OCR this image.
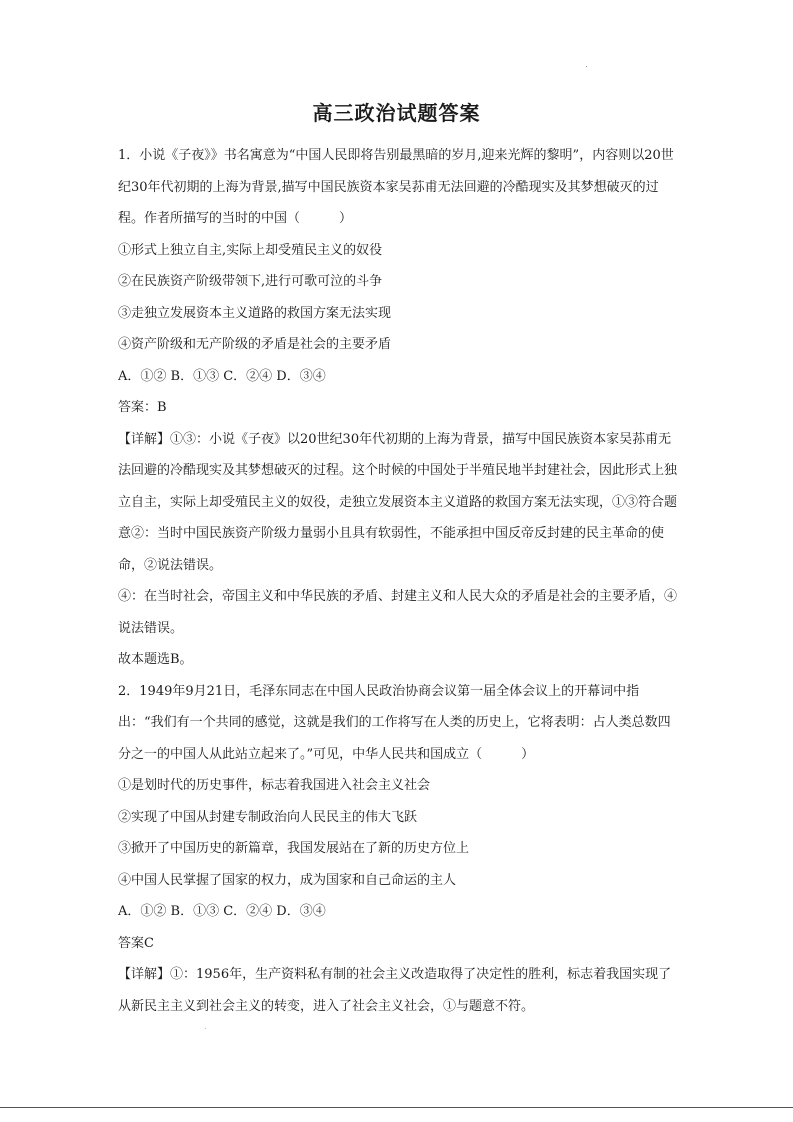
高三政治试题答案

1．小说《子夜》》书名寓意为“中国人民即将告别最黑暗的岁月,迎来光辉的黎明”，内容则以20世纪30年代初期的上海为背景,描写中国民族资本家吴荪甫无法回避的冷酷现实及其梦想破灭的过程。作者所描写的当时的中国（　　　）

①形式上独立自主,实际上却受殖民主义的奴役

②在民族资产阶级带领下,进行可歌可泣的斗争

③走独立发展资本主义道路的救国方案无法实现

④资产阶级和无产阶级的矛盾是社会的主要矛盾

A．①② B．①③ C．②④ D．③④

答案：B

【详解】①③：小说《子夜》以20世纪30年代初期的上海为背景，描写中国民族资本家吴荪甫无法回避的冷酷现实及其梦想破灭的过程。这个时候的中国处于半殖民地半封建社会，因此形式上独立自主，实际上却受殖民主义的奴役，走独立发展资本主义道路的救国方案无法实现，①③符合题意②：当时中国民族资产阶级力量弱小且具有软弱性，不能承担中国反帝反封建的民主革命的使命，②说法错误。

④：在当时社会，帝国主义和中华民族的矛盾、封建主义和人民大众的矛盾是社会的主要矛盾，④说法错误。

故本题选B。

2．1949年9月21日，毛泽东同志在中国人民政治协商会议第一届全体会议上的开幕词中指出：“我们有一个共同的感觉，这就是我们的工作将写在人类的历史上，它将表明：占人类总数四分之一的中国人从此站立起来了。”可见，中华人民共和国成立（　　　）

①是划时代的历史事件，标志着我国进入社会主义社会

②实现了中国从封建专制政治向人民民主的伟大飞跃

③掀开了中国历史的新篇章，我国发展站在了新的历史方位上

④中国人民掌握了国家的权力，成为国家和自己命运的主人

A．①② B．①③ C．②④ D．③④

答案C

【详解】①：1956年，生产资料私有制的社会主义改造取得了决定性的胜利，标志着我国实现了从新民主主义到社会主义的转变，进入了社会主义社会，①与题意不符。
